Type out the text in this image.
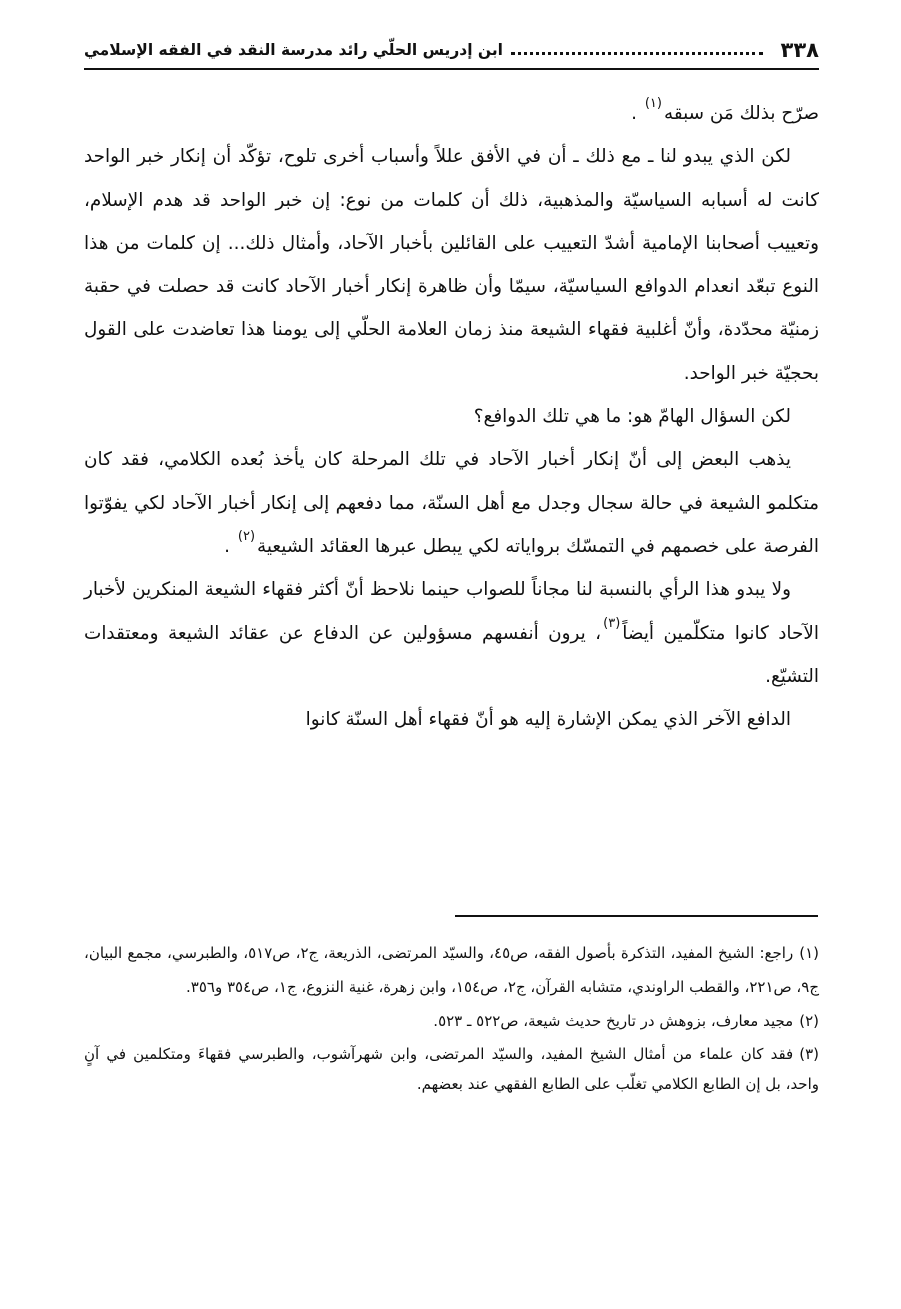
٣٣٨
ابن إدريس الحلّي رائد مدرسة النقد في الفقه الإسلامي

صرّح بذلك مَن سبقه$^{(١)}$ .

لكن الذي يبدو لنا ـ مع ذلك ـ أن في الأفق عللاً وأسباب أخرى تلوح، تؤكّد أن إنكار خبر الواحد كانت له أسبابه السياسيّة والمذهبية، ذلك أن كلمات من نوع: إن خبر الواحد قد هدم الإسلام، وتعييب أصحابنا الإمامية أشدّ التعييب على القائلين بأخبار الآحاد، وأمثال ذلك... إن كلمات من هذا النوع تبعّد انعدام الدوافع السياسيّة، سيمّا وأن ظاهرة إنكار أخبار الآحاد كانت قد حصلت في حقبة زمنيّة محدّدة، وأنّ أغلبية فقهاء الشيعة منذ زمان العلامة الحلّي إلى يومنا هذا تعاضدت على القول بحجيّة خبر الواحد.

لكن السؤال الهامّ هو: ما هي تلك الدوافع؟

يذهب البعض إلى أنّ إنكار أخبار الآحاد في تلك المرحلة كان يأخذ بُعده الكلامي، فقد كان متكلمو الشيعة في حالة سجال وجدل مع أهل السنّة، مما دفعهم إلى إنكار أخبار الآحاد لكي يفوّتوا الفرصة على خصمهم في التمسّك برواياته لكي يبطل عبرها العقائد الشيعية$^{(٢)}$ .

ولا يبدو هذا الرأي بالنسبة لنا مجاناً للصواب حينما نلاحظ أنّ أكثر فقهاء الشيعة المنكرين لأخبار الآحاد كانوا متكلّمين أيضاً$^{(٣)}$، يرون أنفسهم مسؤولين عن الدفاع عن عقائد الشيعة ومعتقدات التشيّع.

الدافع الآخر الذي يمكن الإشارة إليه هو أنّ فقهاء أهل السنّة كانوا

(١)راجع: الشيخ المفيد، التذكرة بأصول الفقه، ص٤٥، والسيّد المرتضى، الذريعة، ج٢، ص٥١٧، والطبرسي، مجمع البيان، ج٩، ص٢٢١، والقطب الراوندي، متشابه القرآن، ج٢، ص١٥٤، وابن زهرة، غنية النزوع، ج١، ص٣٥٤ و٣٥٦.

(٢)مجيد معارف، بزوهش در تاريخ حديث شيعة، ص٥٢٢ ـ ٥٢٣.

(٣)فقد كان علماء من أمثال الشيخ المفيد، والسيّد المرتضى، وابن شهرآشوب، والطبرسي فقهاءَ ومتكلمين في آنٍ واحد، بل إن الطابع الكلامي تغلّب على الطابع الفقهي عند بعضهم.
